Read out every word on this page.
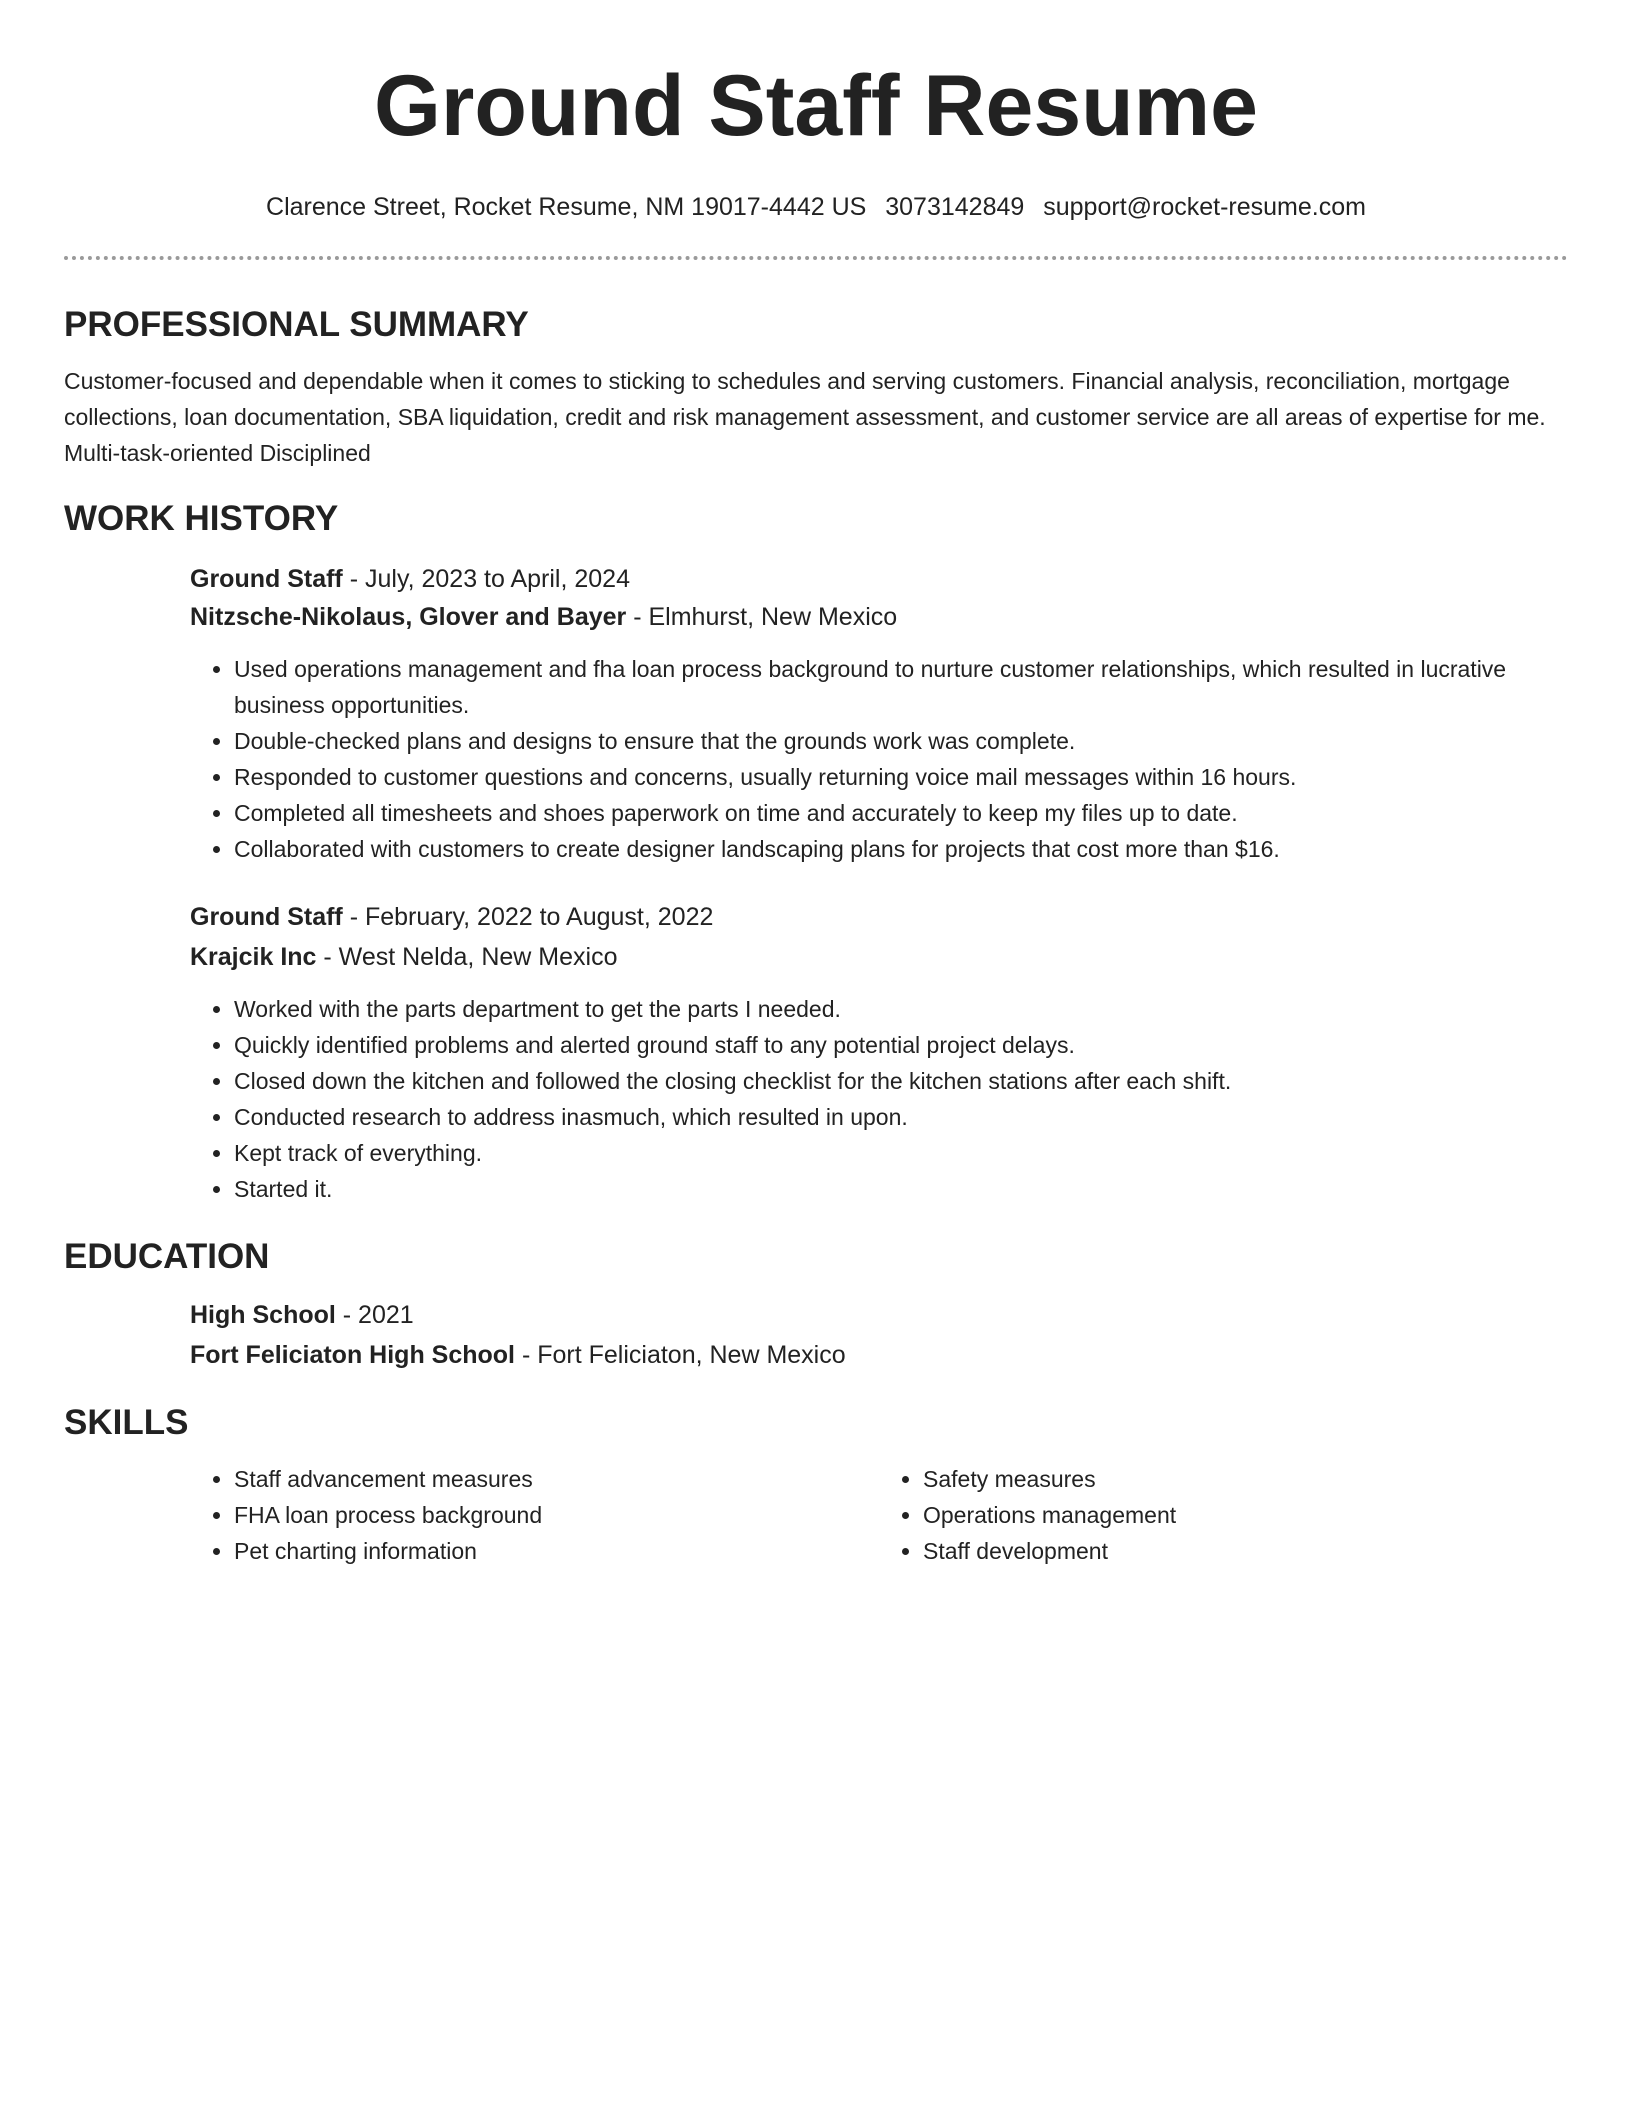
Ground Staff Resume
Clarence Street, Rocket Resume, NM 19017-4442 US 3073142849 support@rocket-resume.com
PROFESSIONAL SUMMARY

Customer-focused and dependable when it comes to sticking to schedules and serving customers. Financial analysis, reconciliation, mortgage collections, loan documentation, SBA liquidation, credit and risk management assessment, and customer service are all areas of expertise for me. Multi-task-oriented Disciplined

WORK HISTORY

Ground Staff - July, 2023 to April, 2024

Nitzsche-Nikolaus, Glover and Bayer - Elmhurst, New Mexico

• Used operations management and fha loan process background to nurture customer relationships, which resulted in lucrative business opportunities.
• Double-checked plans and designs to ensure that the grounds work was complete.
• Responded to customer questions and concerns, usually returning voice mail messages within 16 hours.
• Completed all timesheets and shoes paperwork on time and accurately to keep my files up to date.
• Collaborated with customers to create designer landscaping plans for projects that cost more than $16.

Ground Staff - February, 2022 to August, 2022

Krajcik Inc - West Nelda, New Mexico

• Worked with the parts department to get the parts I needed.
• Quickly identified problems and alerted ground staff to any potential project delays.
• Closed down the kitchen and followed the closing checklist for the kitchen stations after each shift.
• Conducted research to address inasmuch, which resulted in upon.
• Kept track of everything.
• Started it.
EDUCATION

High School - 2021

Fort Feliciaton High School - Fort Feliciaton, New Mexico

SKILLS
• Staff advancement measures
• FHA loan process background
• Pet charting information
• Safety measures
• Operations management
• Staff development
